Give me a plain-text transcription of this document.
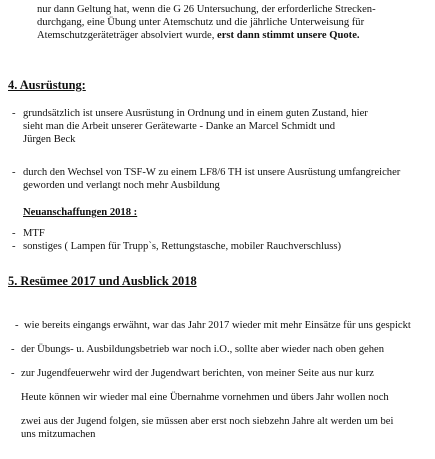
nur dann Geltung hat, wenn die G 26 Untersuchung, der erforderliche Strecken-

durchgang, eine Übung unter Atemschutz und die jährliche Unterweisung für

Atemschutzgeräteträger absolviert wurde, erst dann stimmt unsere Quote.

4. Ausrüstung:
- grundsätzlich ist unsere Ausrüstung in Ordnung und in einem guten Zustand, hier
sieht man die Arbeit unserer Gerätewarte - Danke an Marcel Schmidt und
Jürgen Beck
- durch den Wechsel von TSF-W zu einem LF8/6 TH ist unsere Ausrüstung umfangreicher
geworden und verlangt noch mehr Ausbildung
Neuanschaffungen 2018 :
- MTF
- sonstiges ( Lampen für Trupp`s, Rettungstasche, mobiler Rauchverschluss)
5. Resümee 2017 und Ausblick 2018
- wie bereits eingangs erwähnt, war das Jahr 2017 wieder mit mehr Einsätze für uns gespickt
- der Übungs- u. Ausbildungsbetrieb war noch i.O., sollte aber wieder nach oben gehen
- zur Jugendfeuerwehr wird der Jugendwart berichten, von meiner Seite aus nur kurz
Heute können wir wieder mal eine Übernahme vornehmen und übers Jahr wollen noch
zwei aus der Jugend folgen, sie müssen aber erst noch siebzehn Jahre alt werden um bei
uns mitzumachen
